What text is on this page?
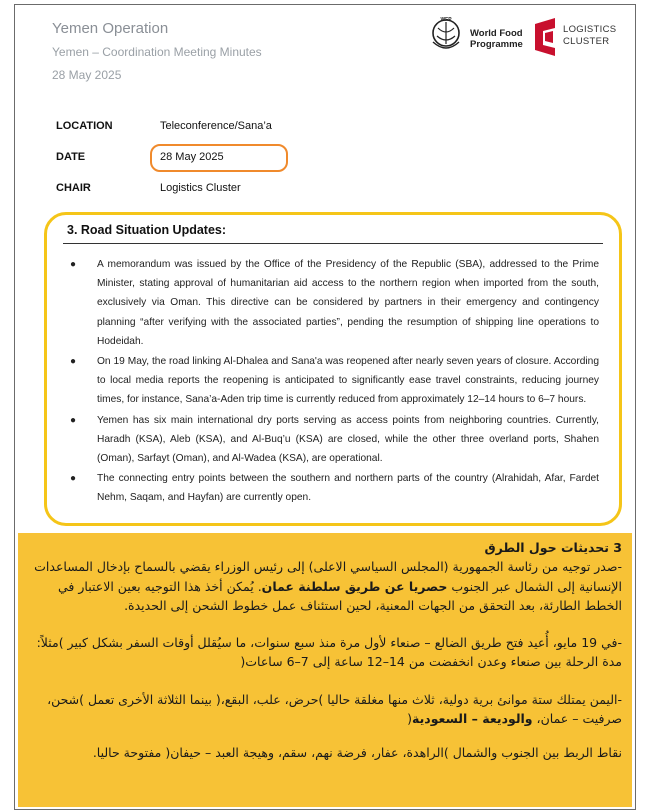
Yemen Operation
Yemen – Coordination Meeting Minutes
28 May 2025
WFP
World Food
Programme
LOGISTICS
CLUSTER
LOCATION	Teleconference/Sana’a
DATE	28 May 2025
CHAIR	Logistics Cluster
3. Road Situation Updates:
● A memorandum was issued by the Office of the Presidency of the Republic (SBA), addressed to the Prime Minister, stating approval of humanitarian aid access to the northern region when imported from the south, exclusively via Oman. This directive can be considered by partners in their emergency and contingency planning “after verifying with the associated parties”, pending the resumption of shipping line operations to Hodeidah.
● On 19 May, the road linking Al-Dhalea and Sana'a was reopened after nearly seven years of closure. According to local media reports the reopening is anticipated to significantly ease travel constraints, reducing journey times, for instance, Sana’a-Aden trip time is currently reduced from approximately 12–14 hours to 6–7 hours.
● Yemen has six main international dry ports serving as access points from neighboring countries. Currently, Haradh (KSA), Aleb (KSA), and Al-Buq’u (KSA) are closed, while the other three overland ports, Shahen (Oman), Sarfayt (Oman), and Al-Wadea (KSA), are operational.
● The connecting entry points between the southern and northern parts of the country (Alrahidah, Afar, Fardet Nehm, Saqam, and Hayfan) are currently open.
3 تحديثات حول الطرق
-صدر توجيه من رئاسة الجمهورية (المجلس السياسي الاعلى) إلى رئيس الوزراء يقضي بالسماح بإدخال المساعدات الإنسانية إلى الشمال عبر الجنوب حصريا عن طريق سلطنة عمان. يُمكن أخذ هذا التوجيه بعين الاعتبار في الخطط الطارئة، بعد التحقق من الجهات المعنية، لحين استئناف عمل خطوط الشحن إلى الحديدة.
-في 19 مايو، أُعيد فتح طريق الضالع – صنعاء لأول مرة منذ سبع سنوات، ما سيُقلل أوقات السفر بشكل كبير )مثلاً: مدة الرحلة بين صنعاء وعدن انخفضت من 14–12 ساعة إلى 7–6 ساعات(
-اليمن يمتلك ستة موانئ برية دولية، ثلاث منها مغلقة حاليا )حرض، علب، البقع،( بينما الثلاثة الأخرى تعمل )شحن، صرفيت – عمان، والوديعة – السعودية(
نقاط الربط بين الجنوب والشمال )الراهدة، عفار، فرضة نهم، سقم، وهيجة العبد – حيفان( مفتوحة حاليا.
